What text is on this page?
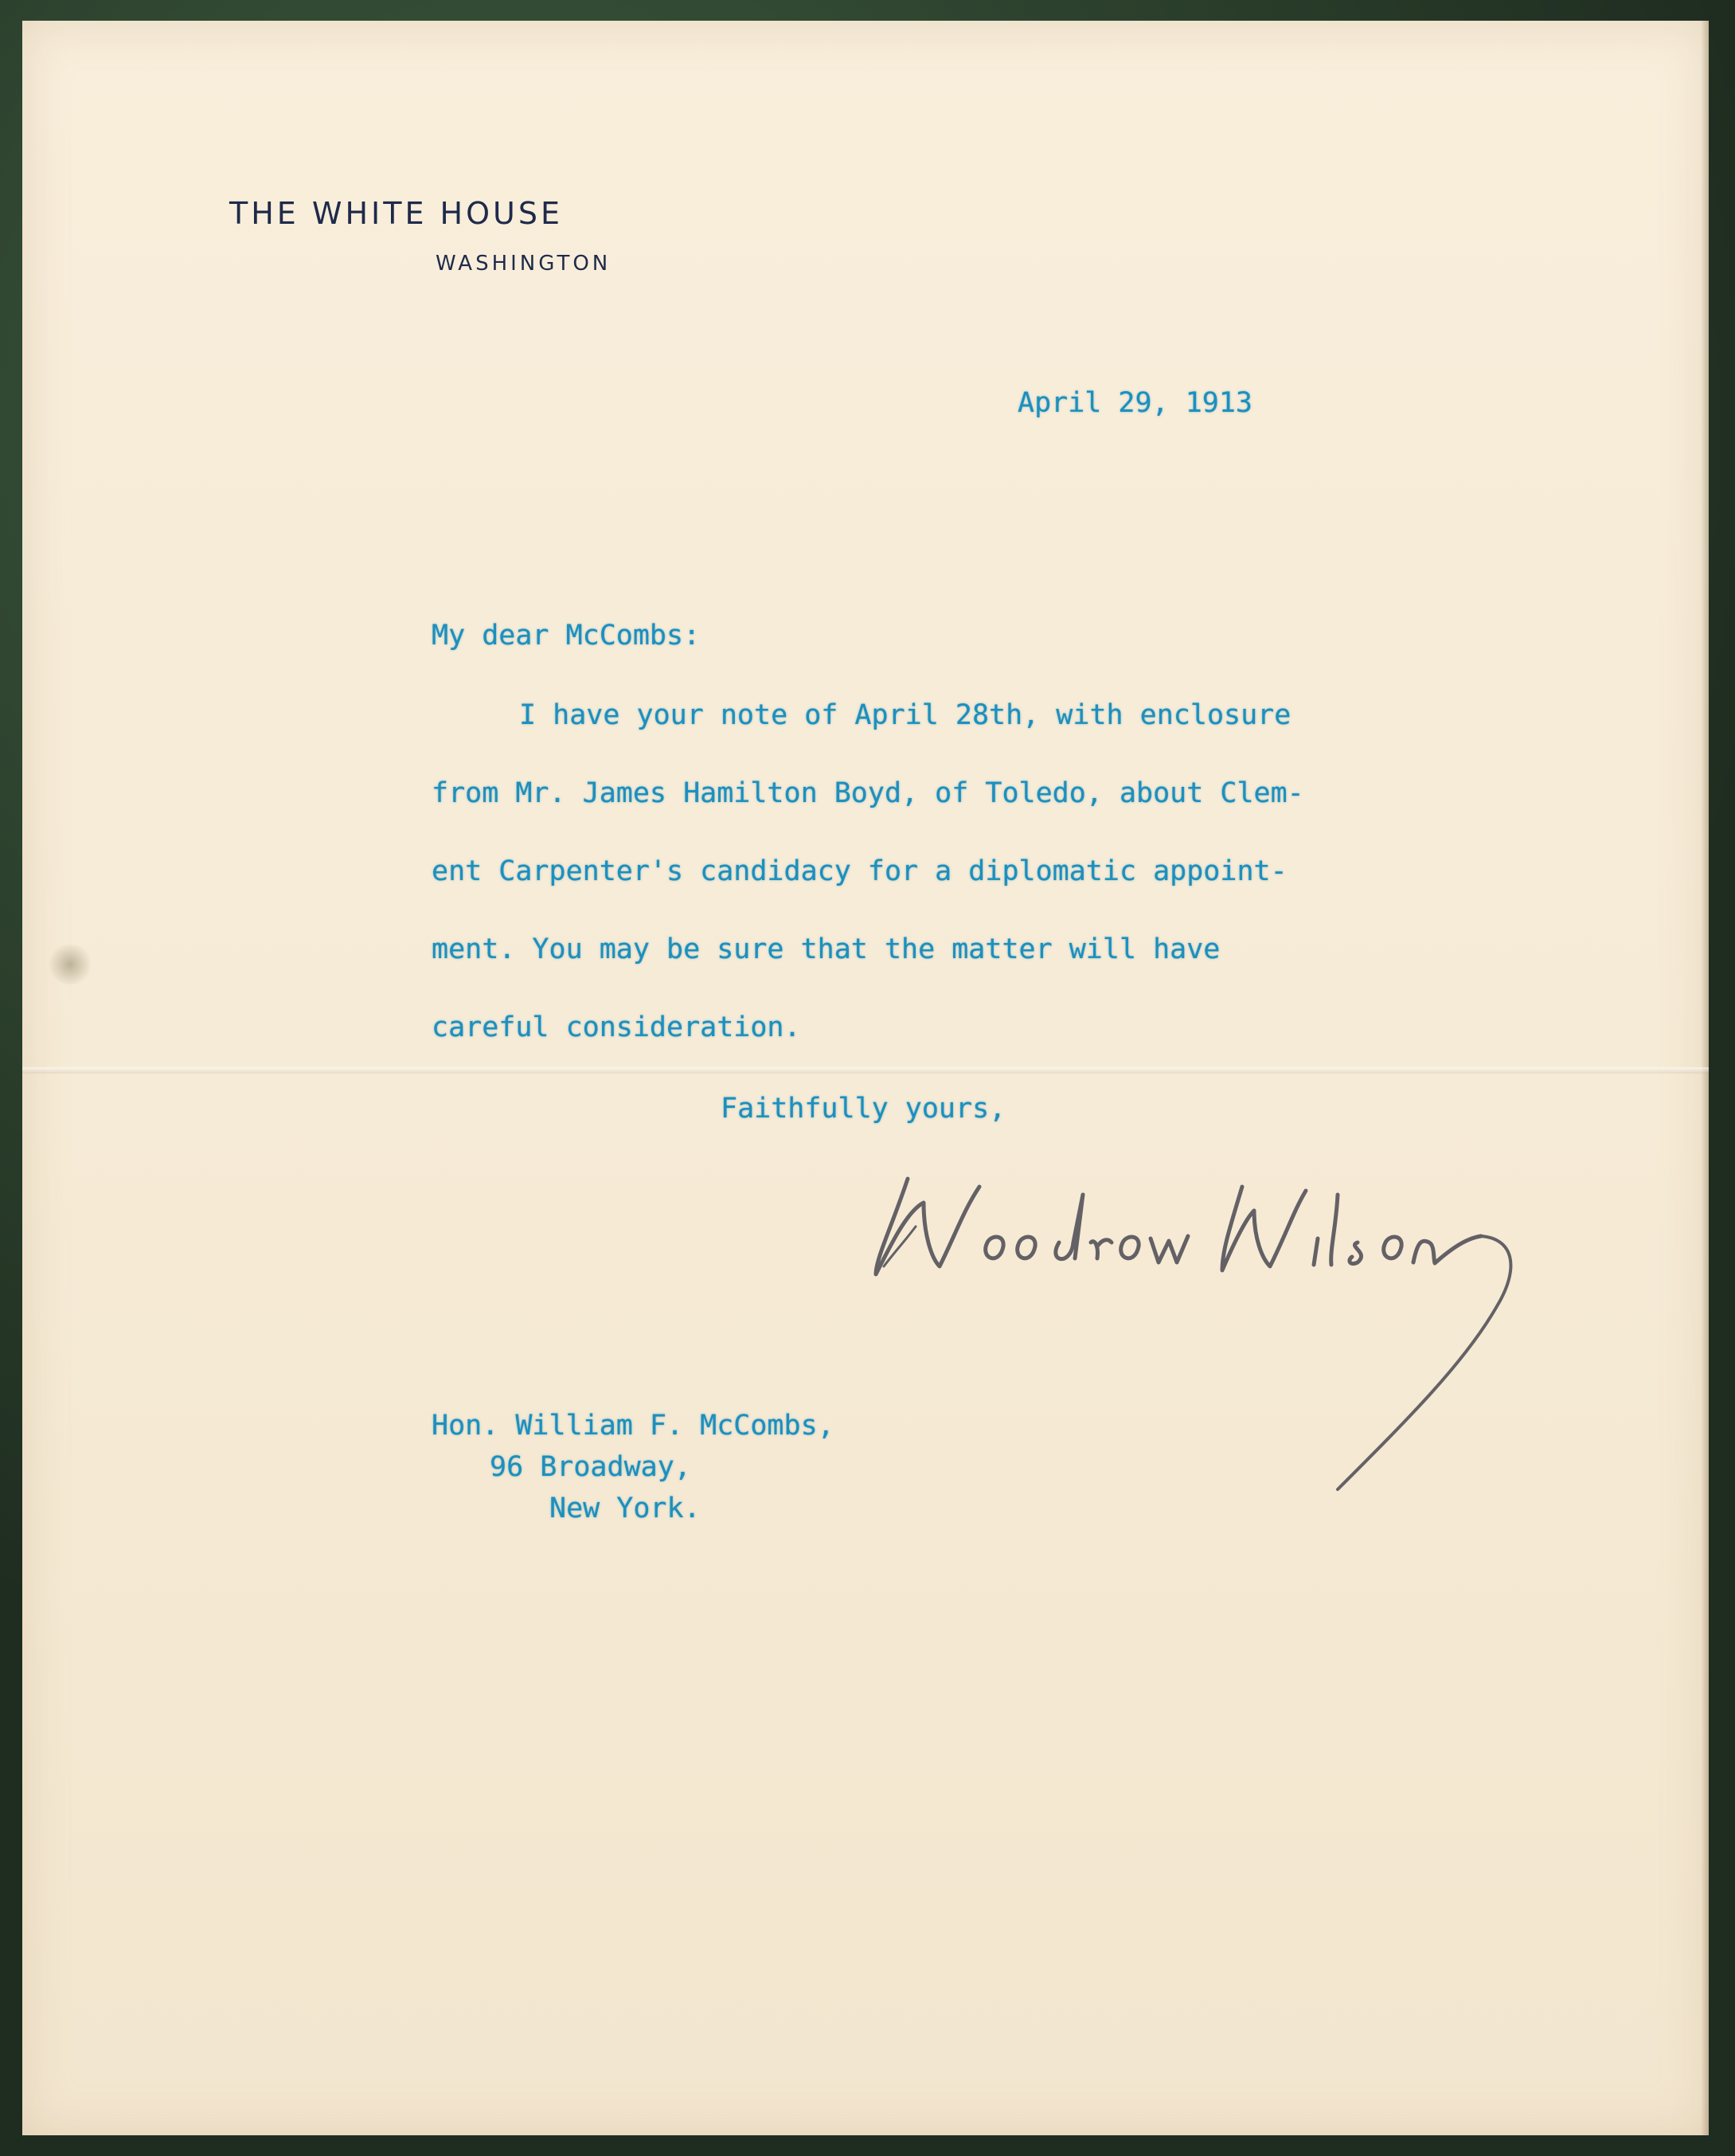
THE WHITE HOUSE
WASHINGTON
April 29, 1913
My dear McCombs:
I have your note of April 28th, with enclosure
from Mr. James Hamilton Boyd, of Toledo, about Clem-
ent Carpenter's candidacy for a diplomatic appoint-
ment. You may be sure that the matter will have
careful consideration.
Faithfully yours,
Hon. William F. McCombs,
96 Broadway,
New York.
